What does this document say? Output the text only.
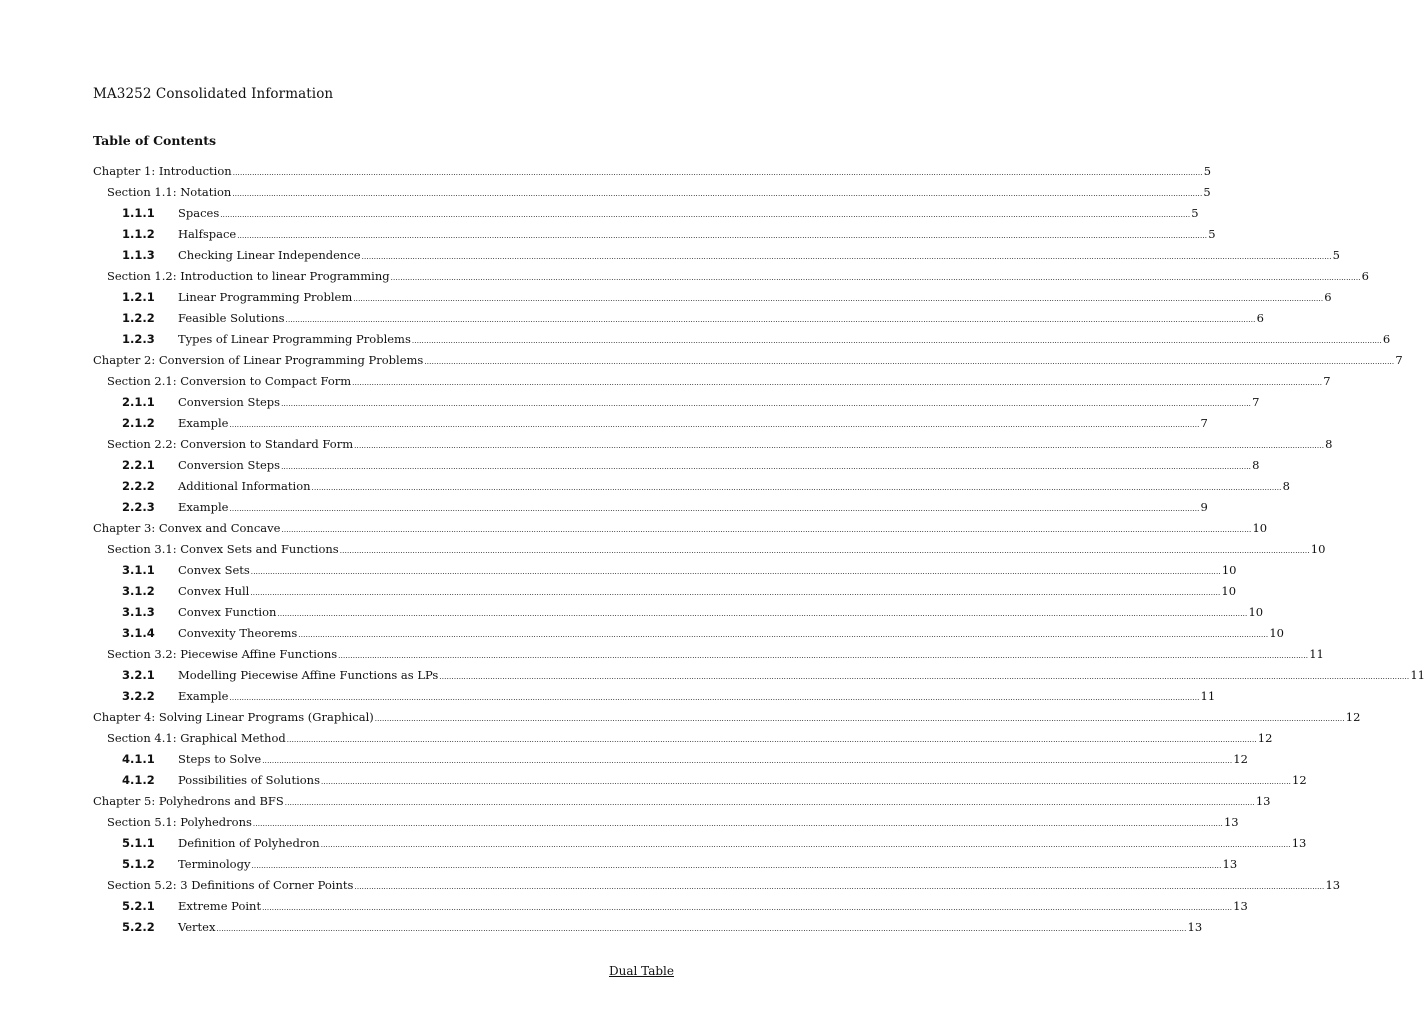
MA3252 Consolidated Information
Table of Contents
Chapter 1: Introduction ................................................................................................................................................................................................................................................................................................................................................................................................................ 5
Section 1.1: Notation ................................................................................................................................................................................................................................................................................................................................................................................................................ 5
1.1.1 Spaces ................................................................................................................................................................................................................................................................................................................................................................................................................ 5
1.1.2 Halfspace ................................................................................................................................................................................................................................................................................................................................................................................................................ 5
1.1.3 Checking Linear Independence ................................................................................................................................................................................................................................................................................................................................................................................................................ 5
Section 1.2: Introduction to linear Programming ................................................................................................................................................................................................................................................................................................................................................................................................................ 6
1.2.1 Linear Programming Problem ................................................................................................................................................................................................................................................................................................................................................................................................................ 6
1.2.2 Feasible Solutions ................................................................................................................................................................................................................................................................................................................................................................................................................ 6
1.2.3 Types of Linear Programming Problems ................................................................................................................................................................................................................................................................................................................................................................................................................ 6
Chapter 2: Conversion of Linear Programming Problems ................................................................................................................................................................................................................................................................................................................................................................................................................ 7
Section 2.1: Conversion to Compact Form ................................................................................................................................................................................................................................................................................................................................................................................................................ 7
2.1.1 Conversion Steps ................................................................................................................................................................................................................................................................................................................................................................................................................ 7
2.1.2 Example ................................................................................................................................................................................................................................................................................................................................................................................................................ 7
Section 2.2: Conversion to Standard Form ................................................................................................................................................................................................................................................................................................................................................................................................................ 8
2.2.1 Conversion Steps ................................................................................................................................................................................................................................................................................................................................................................................................................ 8
2.2.2 Additional Information ................................................................................................................................................................................................................................................................................................................................................................................................................ 8
2.2.3 Example ................................................................................................................................................................................................................................................................................................................................................................................................................ 9
Chapter 3: Convex and Concave ................................................................................................................................................................................................................................................................................................................................................................................................................ 10
Section 3.1: Convex Sets and Functions ................................................................................................................................................................................................................................................................................................................................................................................................................ 10
3.1.1 Convex Sets ................................................................................................................................................................................................................................................................................................................................................................................................................ 10
3.1.2 Convex Hull ................................................................................................................................................................................................................................................................................................................................................................................................................ 10
3.1.3 Convex Function ................................................................................................................................................................................................................................................................................................................................................................................................................ 10
3.1.4 Convexity Theorems ................................................................................................................................................................................................................................................................................................................................................................................................................ 10
Section 3.2: Piecewise Affine Functions ................................................................................................................................................................................................................................................................................................................................................................................................................ 11
3.2.1 Modelling Piecewise Affine Functions as LPs ................................................................................................................................................................................................................................................................................................................................................................................................................ 11
3.2.2 Example ................................................................................................................................................................................................................................................................................................................................................................................................................ 11
Chapter 4: Solving Linear Programs (Graphical) ................................................................................................................................................................................................................................................................................................................................................................................................................ 12
Section 4.1: Graphical Method ................................................................................................................................................................................................................................................................................................................................................................................................................ 12
4.1.1 Steps to Solve ................................................................................................................................................................................................................................................................................................................................................................................................................ 12
4.1.2 Possibilities of Solutions ................................................................................................................................................................................................................................................................................................................................................................................................................ 12
Chapter 5: Polyhedrons and BFS ................................................................................................................................................................................................................................................................................................................................................................................................................ 13
Section 5.1: Polyhedrons ................................................................................................................................................................................................................................................................................................................................................................................................................ 13
5.1.1 Definition of Polyhedron ................................................................................................................................................................................................................................................................................................................................................................................................................ 13
5.1.2 Terminology ................................................................................................................................................................................................................................................................................................................................................................................................................ 13
Section 5.2: 3 Definitions of Corner Points ................................................................................................................................................................................................................................................................................................................................................................................................................ 13
5.2.1 Extreme Point ................................................................................................................................................................................................................................................................................................................................................................................................................ 13
5.2.2 Vertex ................................................................................................................................................................................................................................................................................................................................................................................................................ 13
Dual Table
